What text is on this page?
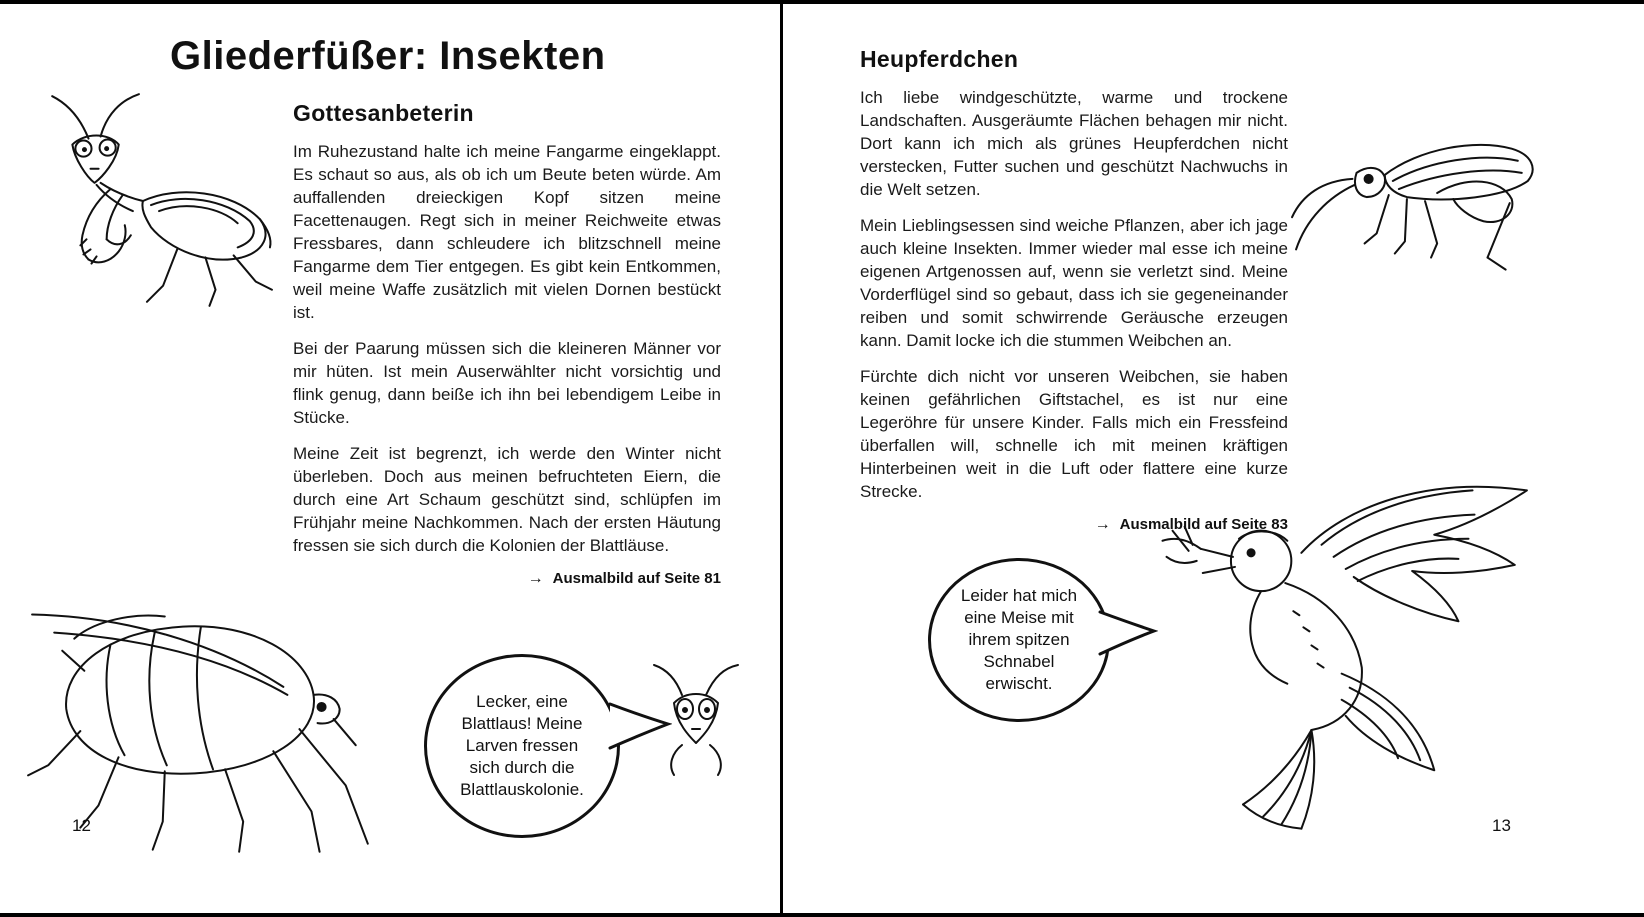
Gliederfüßer: Insekten
Gottesanbeterin

Im Ruhezustand halte ich meine Fangarme eingeklappt. Es schaut so aus, als ob ich um Beute beten würde. Am auffallenden dreieckigen Kopf sitzen meine Facettenaugen. Regt sich in meiner Reichweite etwas Fressbares, dann schleudere ich blitzschnell meine Fangarme dem Tier entgegen. Es gibt kein Entkommen, weil meine Waffe zusätzlich mit vielen Dornen bestückt ist.

Bei der Paarung müssen sich die kleineren Männer vor mir hüten. Ist mein Auserwählter nicht vorsichtig und flink genug, dann beiße ich ihn bei lebendigem Leibe in Stücke.

Meine Zeit ist begrenzt, ich werde den Winter nicht überleben. Doch aus meinen befruchteten Eiern, die durch eine Art Schaum geschützt sind, schlüpfen im Frühjahr meine Nachkommen. Nach der ersten Häutung fressen sie sich durch die Kolonien der Blattläuse.

→ Ausmalbild auf Seite 81
Lecker, eine Blattlaus! Meine Larven fressen sich durch die Blattlauskolonie.
12
Heupferdchen

Ich liebe windgeschützte, warme und trockene Landschaften. Ausgeräumte Flächen behagen mir nicht. Dort kann ich mich als grünes Heupferdchen nicht verstecken, Futter suchen und geschützt Nachwuchs in die Welt setzen.

Mein Lieblingsessen sind weiche Pflanzen, aber ich jage auch kleine Insekten. Immer wieder mal esse ich meine eigenen Artgenossen auf, wenn sie verletzt sind. Meine Vorderflügel sind so gebaut, dass ich sie gegeneinander reiben und somit schwirrende Geräusche erzeugen kann. Damit locke ich die stummen Weibchen an.

Fürchte dich nicht vor unseren Weibchen, sie haben keinen gefährlichen Giftstachel, es ist nur eine Legeröhre für unsere Kinder. Falls mich ein Fressfeind überfallen will, schnelle ich mit meinen kräftigen Hinterbeinen weit in die Luft oder flattere eine kurze Strecke.

→ Ausmalbild auf Seite 83
Leider hat mich eine Meise mit ihrem spitzen Schnabel erwischt.
13
